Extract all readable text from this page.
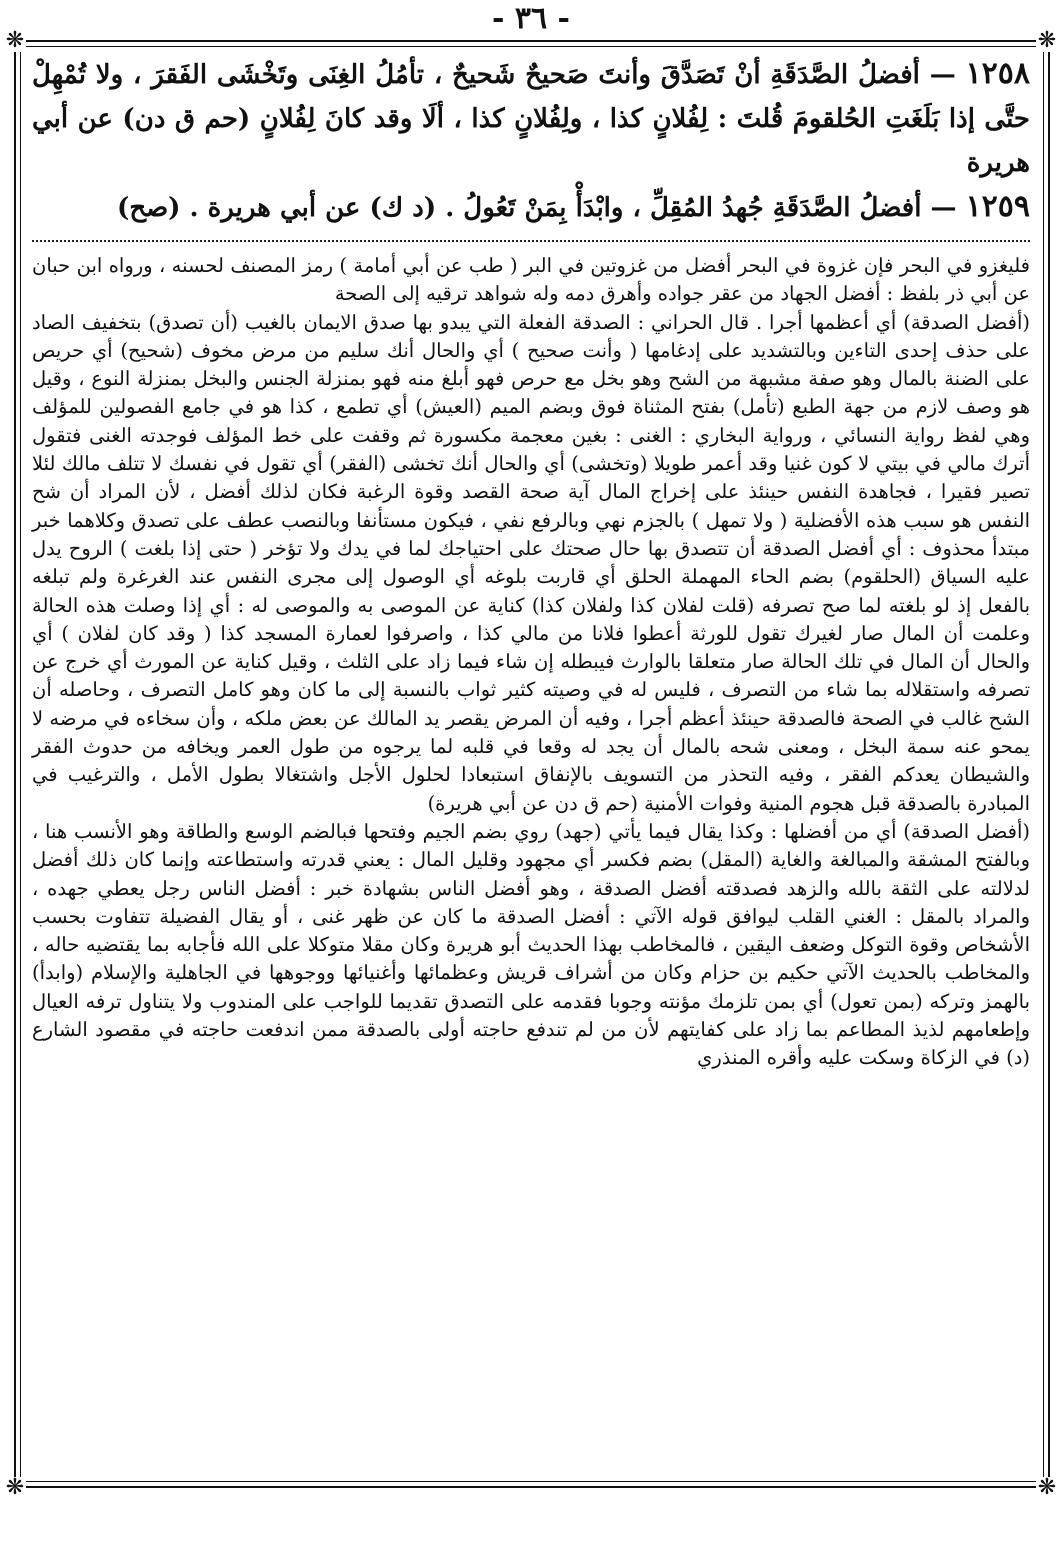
- ٣٦ -
❋	❋
❋	❋

١٢٥٨ — أفضلُ الصَّدَقَةِ أنْ تَصَدَّقَ وأنتَ صَحيحٌ شَحيحٌ ، تأمُلُ الغِنَى وتَخْشَى الفَقرَ ، ولا تُمْهِلْ حتَّى إذا بَلَغَتِ الحُلقومَ قُلتَ : لِفُلانٍ كذا ، ولِفُلانٍ كذا ، ألَا وقد كانَ لِفُلانٍ (حم ق دن) عن أبي هريرة

١٢٥٩ — أفضلُ الصَّدَقَةِ جُهدُ المُقِلِّ ، وابْدَأْ بِمَنْ تَعُولُ . (د ك) عن أبي هريرة . (صح)

فليغزو في البحر فإن غزوة في البحر أفضل من غزوتين في البر ( طب عن أبي أمامة ) رمز المصنف لحسنه ، ورواه ابن حبان عن أبي ذر بلفظ : أفضل الجهاد من عقر جواده وأهرق دمه وله شواهد ترقيه إلى الصحة

(أفضل الصدقة) أي أعظمها أجرا . قال الحراني : الصدقة الفعلة التي يبدو بها صدق الايمان بالغيب (أن تصدق) بتخفيف الصاد على حذف إحدى التاءين وبالتشديد على إدغامها ( وأنت صحيح ) أي والحال أنك سليم من مرض مخوف (شحيح) أي حريص على الضنة بالمال وهو صفة مشبهة من الشح وهو بخل مع حرص فهو أبلغ منه فهو بمنزلة الجنس والبخل بمنزلة النوع ، وقيل هو وصف لازم من جهة الطبع (تأمل) بفتح المثناة فوق وبضم الميم (العيش) أي تطمع ، كذا هو في جامع الفصولين للمؤلف وهي لفظ رواية النسائي ، ورواية البخاري : الغنى : بغين معجمة مكسورة ثم وقفت على خط المؤلف فوجدته الغنى فتقول أترك مالي في بيتي لا كون غنيا وقد أعمر طويلا (وتخشى) أي والحال أنك تخشى (الفقر) أي تقول في نفسك لا تتلف مالك لئلا تصير فقيرا ، فجاهدة النفس حينئذ على إخراج المال آية صحة القصد وقوة الرغبة فكان لذلك أفضل ، لأن المراد أن شح النفس هو سبب هذه الأفضلية ( ولا تمهل ) بالجزم نهي وبالرفع نفي ، فيكون مستأنفا وبالنصب عطف على تصدق وكلاهما خبر مبتدأ محذوف : أي أفضل الصدقة أن تتصدق بها حال صحتك على احتياجك لما في يدك ولا تؤخر ( حتى إذا بلغت ) الروح يدل عليه السياق (الحلقوم) بضم الحاء المهملة الحلق أي قاربت بلوغه أي الوصول إلى مجرى النفس عند الغرغرة ولم تبلغه بالفعل إذ لو بلغته لما صح تصرفه (قلت لفلان كذا ولفلان كذا) كناية عن الموصى به والموصى له : أي إذا وصلت هذه الحالة وعلمت أن المال صار لغيرك تقول للورثة أعطوا فلانا من مالي كذا ، واصرفوا لعمارة المسجد كذا ( وقد كان لفلان ) أي والحال أن المال في تلك الحالة صار متعلقا بالوارث فيبطله إن شاء فيما زاد على الثلث ، وقيل كناية عن المورث أي خرج عن تصرفه واستقلاله بما شاء من التصرف ، فليس له في وصيته كثير ثواب بالنسبة إلى ما كان وهو كامل التصرف ، وحاصله أن الشح غالب في الصحة فالصدقة حينئذ أعظم أجرا ، وفيه أن المرض يقصر يد المالك عن بعض ملكه ، وأن سخاءه في مرضه لا يمحو عنه سمة البخل ، ومعنى شحه بالمال أن يجد له وقعا في قلبه لما يرجوه من طول العمر ويخافه من حدوث الفقر والشيطان يعدكم الفقر ، وفيه التحذر من التسويف بالإنفاق استبعادا لحلول الأجل واشتغالا بطول الأمل ، والترغيب في المبادرة بالصدقة قبل هجوم المنية وفوات الأمنية (حم ق دن عن أبي هريرة)

(أفضل الصدقة) أي من أفضلها : وكذا يقال فيما يأتي (جهد) روي بضم الجيم وفتحها فبالضم الوسع والطاقة وهو الأنسب هنا ، وبالفتح المشقة والمبالغة والغاية (المقل) بضم فكسر أي مجهود وقليل المال : يعني قدرته واستطاعته وإنما كان ذلك أفضل لدلالته على الثقة بالله والزهد فصدقته أفضل الصدقة ، وهو أفضل الناس بشهادة خبر : أفضل الناس رجل يعطي جهده ، والمراد بالمقل : الغني القلب ليوافق قوله الآتي : أفضل الصدقة ما كان عن ظهر غنى ، أو يقال الفضيلة تتفاوت بحسب الأشخاص وقوة التوكل وضعف اليقين ، فالمخاطب بهذا الحديث أبو هريرة وكان مقلا متوكلا على الله فأجابه بما يقتضيه حاله ، والمخاطب بالحديث الآتي حكيم بن حزام وكان من أشراف قريش وعظمائها وأغنيائها ووجوهها في الجاهلية والإسلام (وابدأ) بالهمز وتركه (بمن تعول) أي بمن تلزمك مؤنته وجوبا فقدمه على التصدق تقديما للواجب على المندوب ولا يتناول ترفه العيال وإطعامهم لذيذ المطاعم بما زاد على كفايتهم لأن من لم تندفع حاجته أولى بالصدقة ممن اندفعت حاجته في مقصود الشارع (د) في الزكاة وسكت عليه وأقره المنذري
